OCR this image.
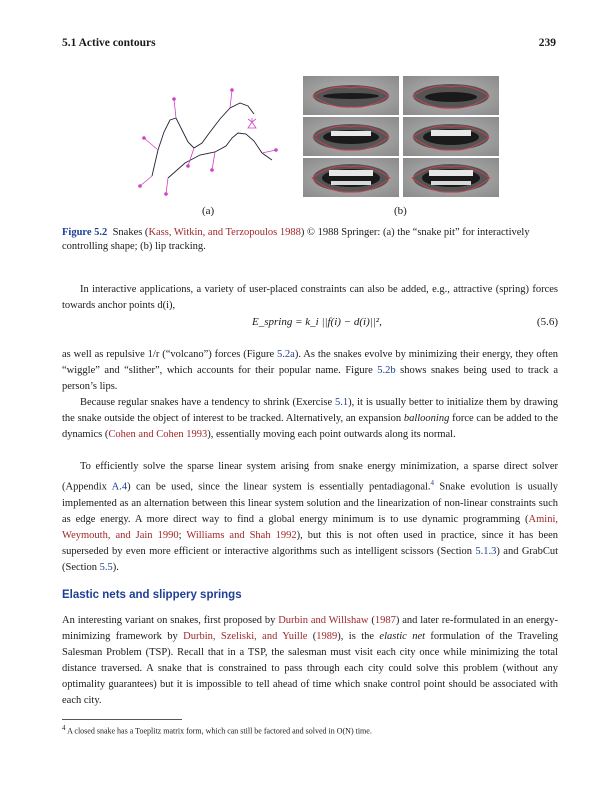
5.1 Active contours	239
(a)	(b)
Figure 5.2 Snakes (Kass, Witkin, and Terzopoulos 1988) © 1988 Springer: (a) the “snake pit” for interactively controlling shape; (b) lip tracking.

In interactive applications, a variety of user-placed constraints can also be added, e.g., attractive (spring) forces towards anchor points d(i),

E_spring = k_i ||f(i) − d(i)||²,	(5.6)

as well as repulsive 1/r (“volcano”) forces (Figure 5.2a). As the snakes evolve by minimizing their energy, they often “wiggle” and “slither”, which accounts for their popular name. Figure 5.2b shows snakes being used to track a person’s lips.

Because regular snakes have a tendency to shrink (Exercise 5.1), it is usually better to initialize them by drawing the snake outside the object of interest to be tracked. Alternatively, an expansion ballooning force can be added to the dynamics (Cohen and Cohen 1993), essentially moving each point outwards along its normal.

To efficiently solve the sparse linear system arising from snake energy minimization, a sparse direct solver (Appendix A.4) can be used, since the linear system is essentially pentadiagonal.$^4$ Snake evolution is usually implemented as an alternation between this linear system solution and the linearization of non-linear constraints such as edge energy. A more direct way to find a global energy minimum is to use dynamic programming (Amini, Weymouth, and Jain 1990; Williams and Shah 1992), but this is not often used in practice, since it has been superseded by even more efficient or interactive algorithms such as intelligent scissors (Section 5.1.3) and GrabCut (Section 5.5).

Elastic nets and slippery springs

An interesting variant on snakes, first proposed by Durbin and Willshaw (1987) and later re-formulated in an energy-minimizing framework by Durbin, Szeliski, and Yuille (1989), is the elastic net formulation of the Traveling Salesman Problem (TSP). Recall that in a TSP, the salesman must visit each city once while minimizing the total distance traversed. A snake that is constrained to pass through each city could solve this problem (without any optimality guarantees) but it is impossible to tell ahead of time which snake control point should be associated with each city.

$^4$ A closed snake has a Toeplitz matrix form, which can still be factored and solved in O(N) time.
